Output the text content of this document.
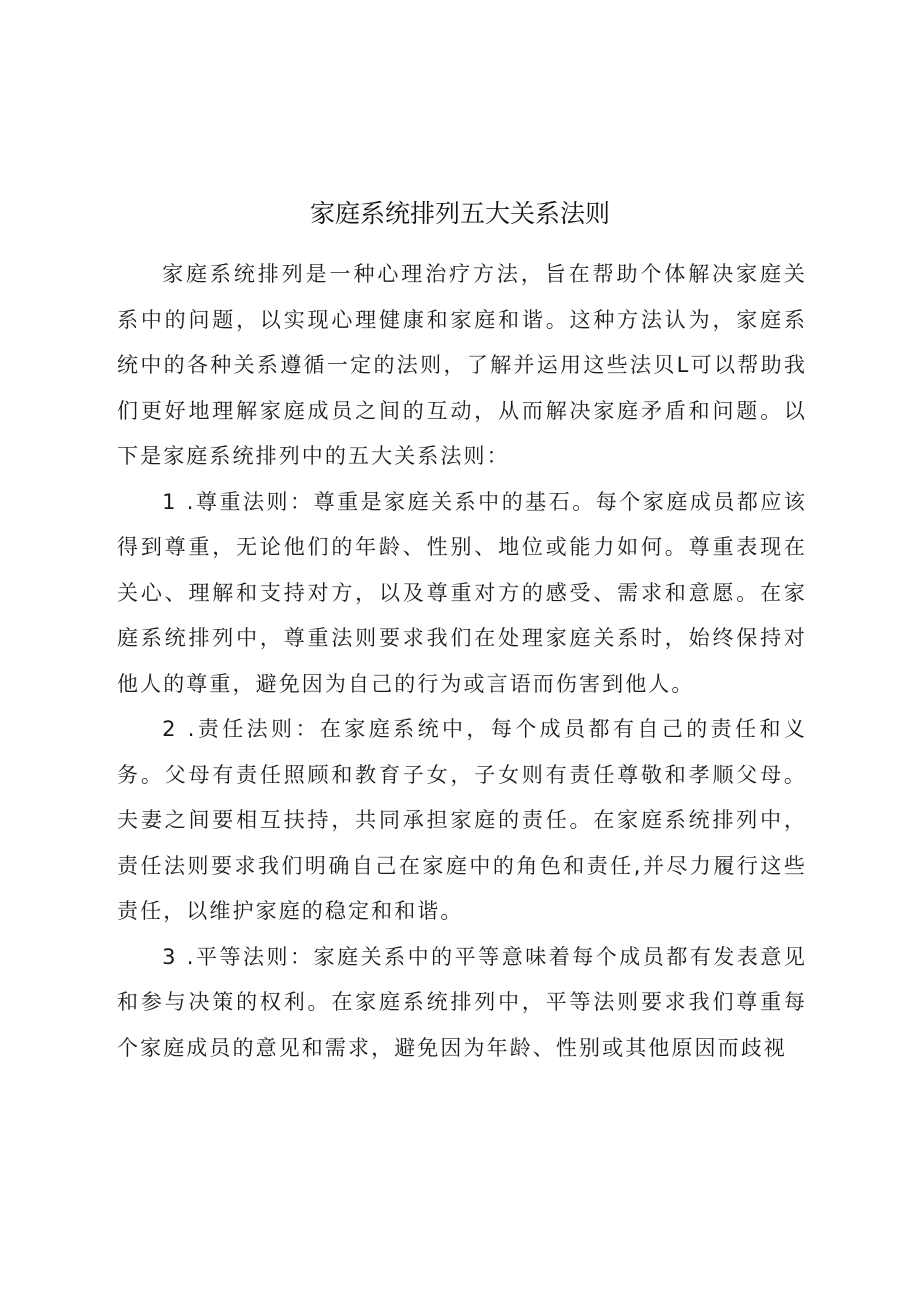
家庭系统排列五大关系法则

家庭系统排列是一种心理治疗方法，旨在帮助个体解决家庭关系中的问题，以实现心理健康和家庭和谐。这种方法认为，家庭系统中的各种关系遵循一定的法则，了解并运用这些法贝L可以帮助我们更好地理解家庭成员之间的互动，从而解决家庭矛盾和问题。以下是家庭系统排列中的五大关系法则：

1 .尊重法则：尊重是家庭关系中的基石。每个家庭成员都应该得到尊重，无论他们的年龄、性别、地位或能力如何。尊重表现在关心、理解和支持对方，以及尊重对方的感受、需求和意愿。在家庭系统排列中，尊重法则要求我们在处理家庭关系时，始终保持对他人的尊重，避免因为自己的行为或言语而伤害到他人。

2 .责任法则：在家庭系统中，每个成员都有自己的责任和义务。父母有责任照顾和教育子女，子女则有责任尊敬和孝顺父母。夫妻之间要相互扶持，共同承担家庭的责任。在家庭系统排列中，责任法则要求我们明确自己在家庭中的角色和责任,并尽力履行这些责任，以维护家庭的稳定和和谐。

3 .平等法则：家庭关系中的平等意味着每个成员都有发表意见和参与决策的权利。在家庭系统排列中，平等法则要求我们尊重每个家庭成员的意见和需求，避免因为年龄、性别或其他原因而歧视
